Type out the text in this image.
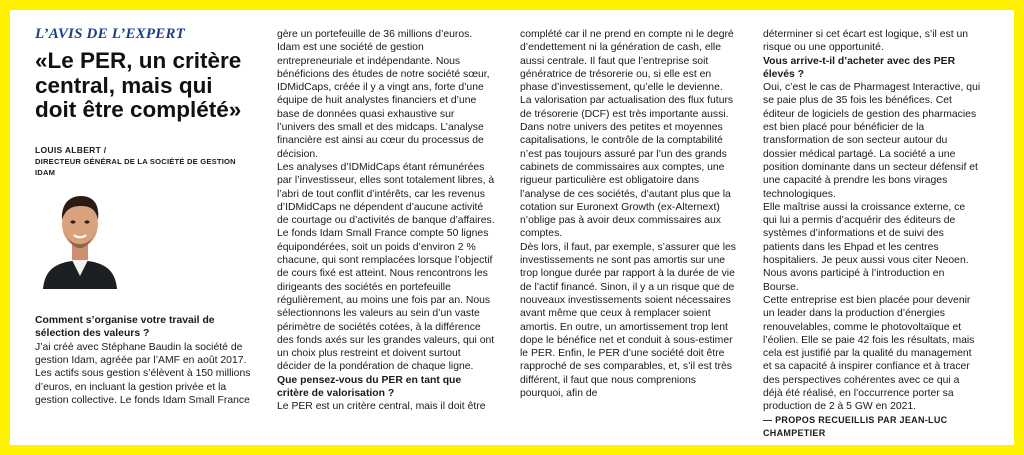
L’AVIS DE L’EXPERT
«Le PER, un critère central, mais qui doit être complété»
LOUIS ALBERT /
DIRECTEUR GÉNÉRAL DE LA SOCIÉTÉ DE GESTION IDAM

Comment s’organise votre travail de sélection des valeurs ?

J’ai créé avec Stéphane Baudin la société de gestion Idam, agréée par l’AMF en août 2017. Les actifs sous gestion s’élèvent à 150 millions d’euros, en incluant la gestion privée et la gestion collective. Le fonds Idam Small France

gère un portefeuille de 36 millions d’euros. Idam est une société de gestion entrepreneuriale et indépendante. Nous bénéficions des études de notre société sœur, IDMidCaps, créée il y a vingt ans, forte d’une équipe de huit analystes financiers et d’une base de données quasi exhaustive sur l’univers des small et des midcaps. L’analyse financière est ainsi au cœur du processus de décision.

Les analyses d’IDMidCaps étant rémunérées par l’investisseur, elles sont totalement libres, à l’abri de tout conflit d’intérêts, car les revenus d’IDMidCaps ne dépendent d’aucune activité de courtage ou d’activités de banque d’affaires. Le fonds Idam Small France compte 50 lignes équipondérées, soit un poids d’environ 2 % chacune, qui sont remplacées lorsque l’objectif de cours fixé est atteint. Nous rencontrons les dirigeants des sociétés en portefeuille régulièrement, au moins une fois par an. Nous sélectionnons les valeurs au sein d’un vaste périmètre de sociétés cotées, à la différence des fonds axés sur les grandes valeurs, qui ont un choix plus restreint et doivent surtout décider de la pondération de chaque ligne.

Que pensez-vous du PER en tant que critère de valorisation ?

Le PER est un critère central, mais il doit être

complété car il ne prend en compte ni le degré d’endettement ni la génération de cash, elle aussi centrale. Il faut que l’entreprise soit génératrice de trésorerie ou, si elle est en phase d’investissement, qu’elle le devienne.

La valorisation par actualisation des flux futurs de trésorerie (DCF) est très importante aussi. Dans notre univers des petites et moyennes capitalisations, le contrôle de la comptabilité n’est pas toujours assuré par l’un des grands cabinets de commissaires aux comptes, une rigueur particulière est obligatoire dans l’analyse de ces sociétés, d’autant plus que la cotation sur Euronext Growth (ex-Alternext) n’oblige pas à avoir deux commissaires aux comptes.

Dès lors, il faut, par exemple, s’assurer que les investissements ne sont pas amortis sur une trop longue durée par rapport à la durée de vie de l’actif financé. Sinon, il y a un risque que de nouveaux investissements soient nécessaires avant même que ceux à remplacer soient amortis. En outre, un amortissement trop lent dope le bénéfice net et conduit à sous-estimer le PER. Enfin, le PER d’une société doit être rapproché de ses comparables, et, s’il est très différent, il faut que nous comprenions pourquoi, afin de

déterminer si cet écart est logique, s’il est un risque ou une opportunité.

Vous arrive-t-il d’acheter avec des PER élevés ?

Oui, c’est le cas de Pharmagest Interactive, qui se paie plus de 35 fois les bénéfices. Cet éditeur de logiciels de gestion des pharmacies est bien placé pour bénéficier de la transformation de son secteur autour du dossier médical partagé. La société a une position dominante dans un secteur défensif et une capacité à prendre les bons virages technologiques.

Elle maîtrise aussi la croissance externe, ce qui lui a permis d’acquérir des éditeurs de systèmes d’informations et de suivi des patients dans les Ehpad et les centres hospitaliers. Je peux aussi vous citer Neoen. Nous avons participé à l’introduction en Bourse.

Cette entreprise est bien placée pour devenir un leader dans la production d’énergies renouvelables, comme le photovoltaïque et l’éolien. Elle se paie 42 fois les résultats, mais cela est justifié par la qualité du management et sa capacité à inspirer confiance et à tracer des perspectives cohérentes avec ce qui a déjà été réalisé, en l’occurrence porter sa production de 2 à 5 GW en 2021.

— PROPOS RECUEILLIS PAR JEAN-LUC CHAMPETIER
